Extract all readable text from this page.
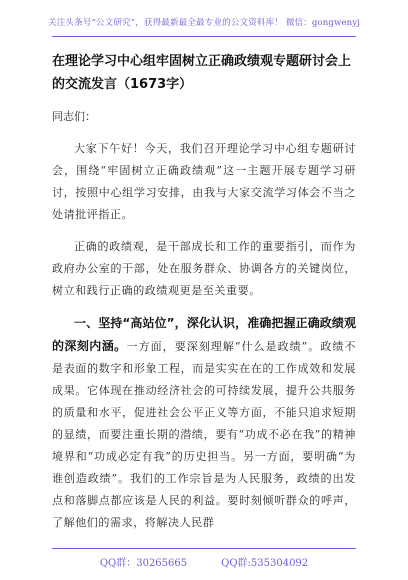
关注头条号“公文研究”，获得最新最全最专业的公文资料库！ 微信：gongwenyj

在理论学习中心组牢固树立正确政绩观专题研讨会上的交流发言（1673字）

同志们：

大家下午好！今天，我们召开理论学习中心组专题研讨会，围绕“牢固树立正确政绩观”这一主题开展专题学习研讨，按照中心组学习安排，由我与大家交流学习体会不当之处请批评指正。

正确的政绩观，是干部成长和工作的重要指引，而作为政府办公室的干部，处在服务群众、协调各方的关键岗位，树立和践行正确的政绩观更是至关重要。

一、坚持“高站位”，深化认识，准确把握正确政绩观的深刻内涵。一方面，要深刻理解“什么是政绩”。政绩不是表面的数字和形象工程，而是实实在在的工作成效和发展成果。它体现在推动经济社会的可持续发展，提升公共服务的质量和水平，促进社会公平正义等方面，不能只追求短期的显绩，而要注重长期的潜绩，要有“功成不必在我”的精神境界和“功成必定有我”的历史担当。另一方面，要明确“为谁创造政绩”。我们的工作宗旨是为人民服务，政绩的出发点和落脚点都应该是人民的利益。要时刻倾听群众的呼声，了解他们的需求，将解决人民群

QQ群：30265665	QQ群:535304092
